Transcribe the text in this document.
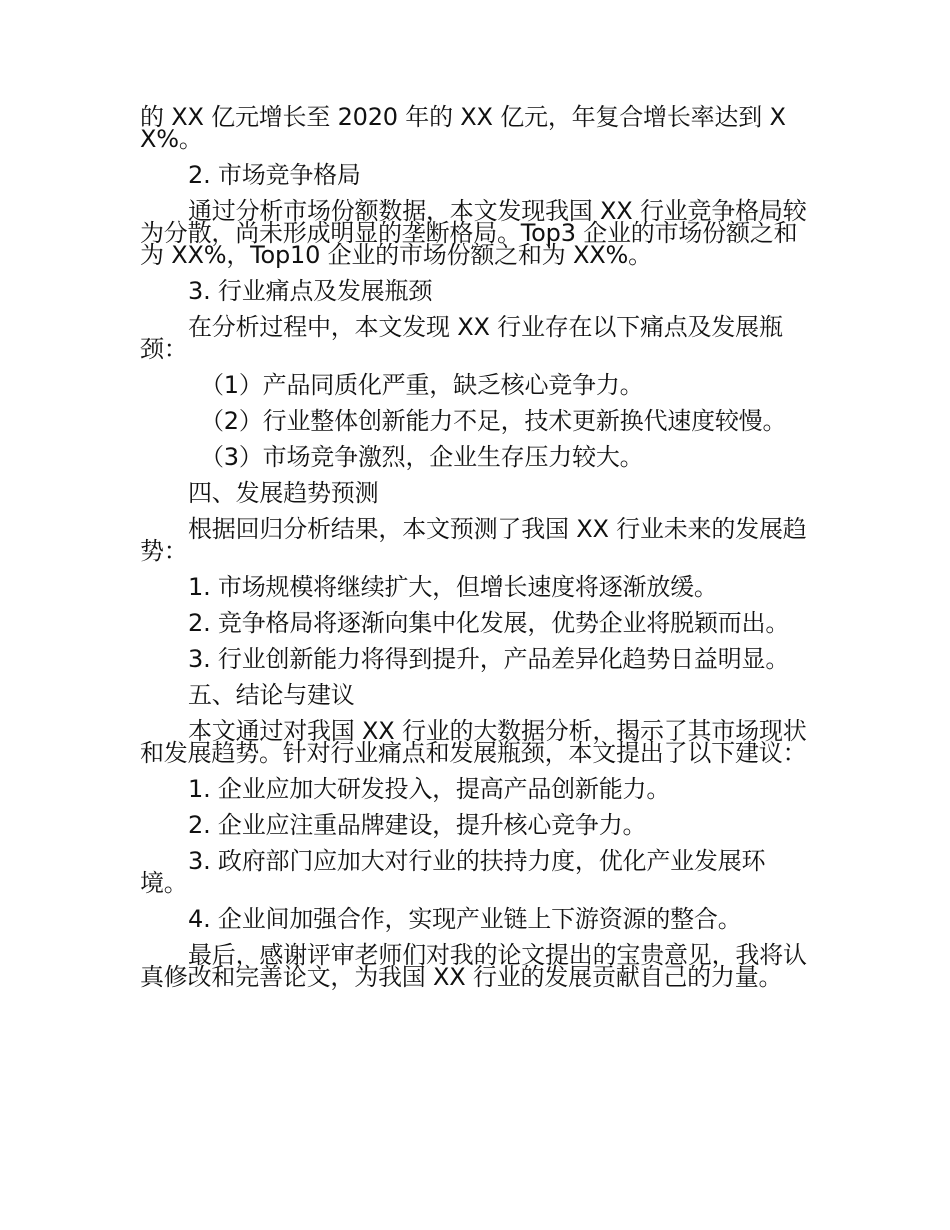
的 XX 亿元增长至 2020 年的 XX 亿元，年复合增长率达到 XX%。

2. 市场竞争格局

通过分析市场份额数据，本文发现我国 XX 行业竞争格局较为分散，尚未形成明显的垄断格局。Top3 企业的市场份额之和为 XX%，Top10 企业的市场份额之和为 XX%。

3. 行业痛点及发展瓶颈

在分析过程中，本文发现 XX 行业存在以下痛点及发展瓶颈：

（1）产品同质化严重，缺乏核心竞争力。

（2）行业整体创新能力不足，技术更新换代速度较慢。

（3）市场竞争激烈，企业生存压力较大。

四、发展趋势预测

根据回归分析结果，本文预测了我国 XX 行业未来的发展趋势：

1. 市场规模将继续扩大，但增长速度将逐渐放缓。

2. 竞争格局将逐渐向集中化发展，优势企业将脱颖而出。

3. 行业创新能力将得到提升，产品差异化趋势日益明显。

五、结论与建议

本文通过对我国 XX 行业的大数据分析，揭示了其市场现状和发展趋势。针对行业痛点和发展瓶颈，本文提出了以下建议：

1. 企业应加大研发投入，提高产品创新能力。

2. 企业应注重品牌建设，提升核心竞争力。

3. 政府部门应加大对行业的扶持力度，优化产业发展环境。

4. 企业间加强合作，实现产业链上下游资源的整合。

最后，感谢评审老师们对我的论文提出的宝贵意见，我将认真修改和完善论文，为我国 XX 行业的发展贡献自己的力量。
